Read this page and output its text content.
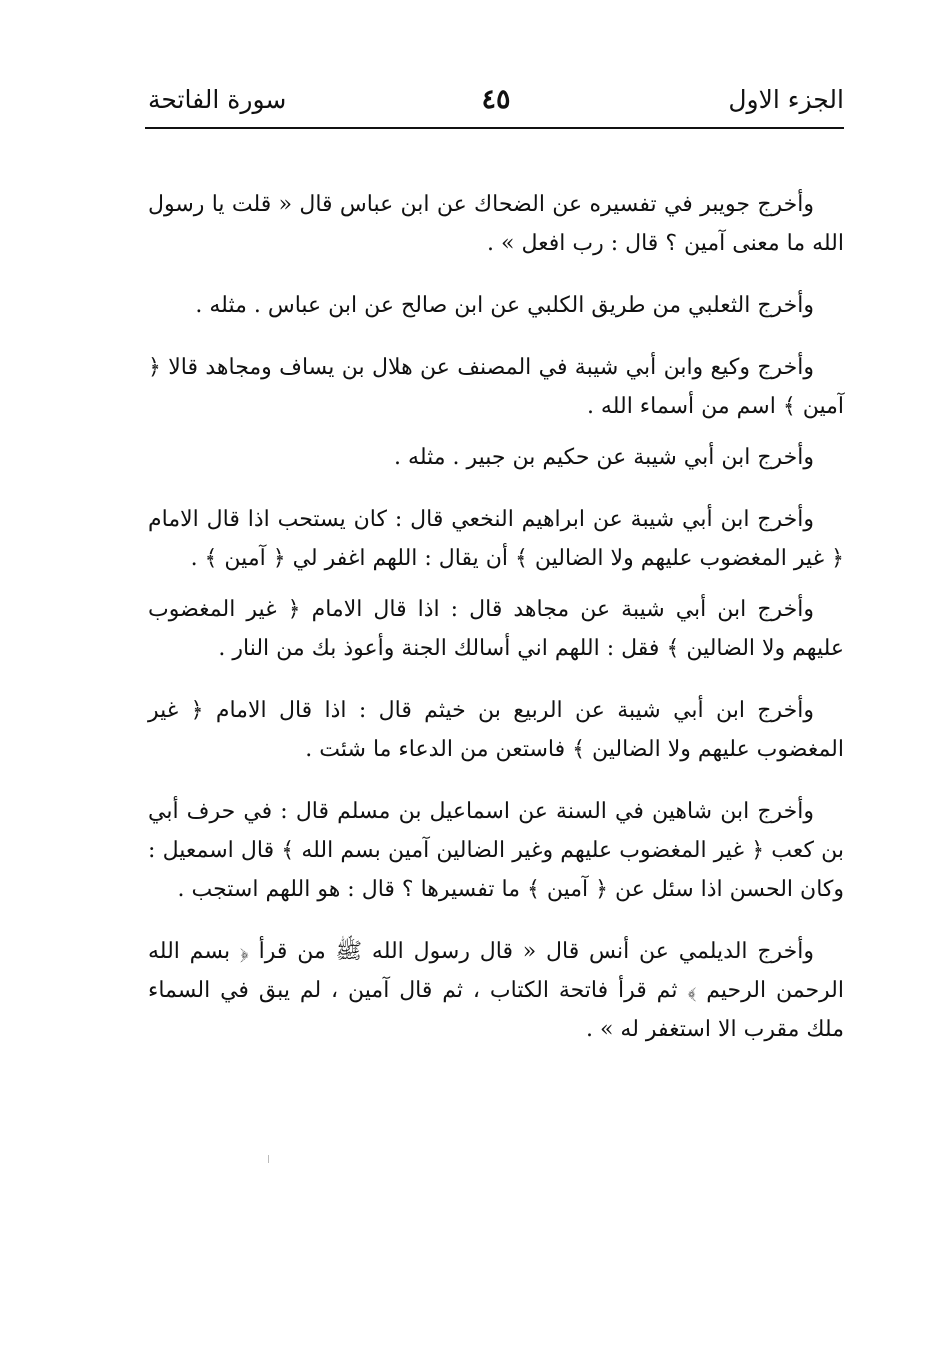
الجزء الاول
٤٥
سورة الفاتحة

وأخرج جويبر في تفسيره عن الضحاك عن ابن عباس قال « قلت يا رسول الله ما معنى آمين ؟ قال : رب افعل » .

وأخرج الثعلبي من طريق الكلبي عن ابن صالح عن ابن عباس . مثله .

وأخرج وكيع وابن أبي شيبة في المصنف عن هلال بن يساف ومجاهد قالا ﴿ آمين ﴾ اسم من أسماء الله .

وأخرج ابن أبي شيبة عن حكيم بن جبير . مثله .

وأخرج ابن أبي شيبة عن ابراهيم النخعي قال : كان يستحب اذا قال الامام ﴿ غير المغضوب عليهم ولا الضالين ﴾ أن يقال : اللهم اغفر لي ﴿ آمين ﴾ .

وأخرج ابن أبي شيبة عن مجاهد قال : اذا قال الامام ﴿ غير المغضوب عليهم ولا الضالين ﴾ فقل : اللهم اني أسالك الجنة وأعوذ بك من النار .

وأخرج ابن أبي شيبة عن الربيع بن خيثم قال : اذا قال الامام ﴿ غير المغضوب عليهم ولا الضالين ﴾ فاستعن من الدعاء ما شئت .

وأخرج ابن شاهين في السنة عن اسماعيل بن مسلم قال : في حرف أبي بن كعب ﴿ غير المغضوب عليهم وغير الضالين آمين بسم الله ﴾ قال اسمعيل : وكان الحسن اذا سئل عن ﴿ آمين ﴾ ما تفسيرها ؟ قال : هو اللهم استجب .

وأخرج الديلمي عن أنس قال « قال رسول الله ﷺ من قرأ ﴿ بسم الله الرحمن الرحيم ﴾ ثم قرأ فاتحة الكتاب ، ثم قال آمين ، لم يبق في السماء ملك مقرب الا استغفر له » .
